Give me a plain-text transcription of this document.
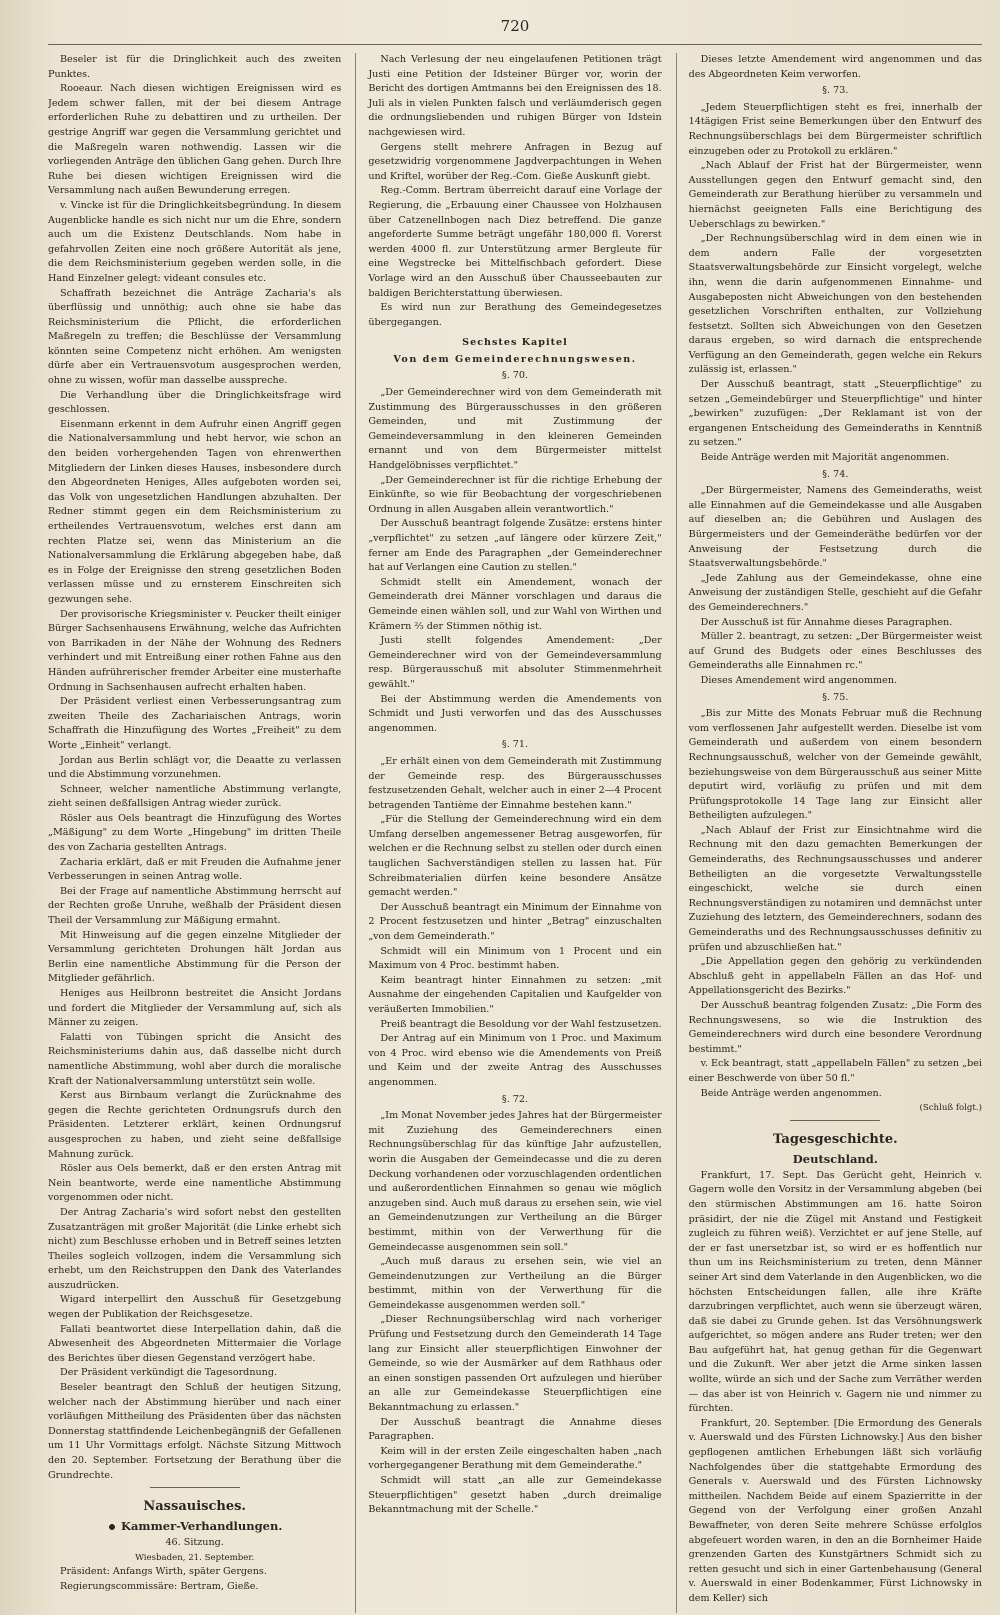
720

Beseler ist für die Dringlichkeit auch des zweiten Punktes.

Rooeaur. Nach diesen wichtigen Ereignissen wird es Jedem schwer fallen, mit der bei diesem Antrage erforderlichen Ruhe zu debattiren und zu urtheilen. Der gestrige Angriff war gegen die Versammlung gerichtet und die Maßregeln waren nothwendig. Lassen wir die vorliegenden Anträge den üblichen Gang gehen. Durch Ihre Ruhe bei diesen wichtigen Ereignissen wird die Versammlung nach außen Bewunderung erregen.

v. Vincke ist für die Dringlichkeitsbegründung. In diesem Augenblicke handle es sich nicht nur um die Ehre, sondern auch um die Existenz Deutschlands. Nom habe in gefahrvollen Zeiten eine noch größere Autorität als jene, die dem Reichsministerium gegeben werden solle, in die Hand Einzelner gelegt: videant consules etc.

Schaffrath bezeichnet die Anträge Zacharia's als überflüssig und unnöthig; auch ohne sie habe das Reichsministerium die Pflicht, die erforderlichen Maßregeln zu treffen; die Beschlüsse der Versammlung könnten seine Competenz nicht erhöhen. Am wenigsten dürfe aber ein Vertrauensvotum ausgesprochen werden, ohne zu wissen, wofür man dasselbe ausspreche.

Die Verhandlung über die Dringlichkeitsfrage wird geschlossen.

Eisenmann erkennt in dem Aufruhr einen Angriff gegen die Nationalversammlung und hebt hervor, wie schon an den beiden vorhergehenden Tagen von ehrenwerthen Mitgliedern der Linken dieses Hauses, insbesondere durch den Abgeordneten Heniges, Alles aufgeboten worden sei, das Volk von ungesetzlichen Handlungen abzuhalten. Der Redner stimmt gegen ein dem Reichsministerium zu ertheilendes Vertrauensvotum, welches erst dann am rechten Platze sei, wenn das Ministerium an die Nationalversammlung die Erklärung abgegeben habe, daß es in Folge der Ereignisse den streng gesetzlichen Boden verlassen müsse und zu ernsterem Einschreiten sich gezwungen sehe.

Der provisorische Kriegsminister v. Peucker theilt einiger Bürger Sachsenhausens Erwähnung, welche das Aufrichten von Barrikaden in der Nähe der Wohnung des Redners verhindert und mit Entreißung einer rothen Fahne aus den Händen aufrührerischer fremder Arbeiter eine musterhafte Ordnung in Sachsenhausen aufrecht erhalten haben.

Der Präsident verliest einen Verbesserungsantrag zum zweiten Theile des Zachariaischen Antrags, worin Schaffrath die Hinzufügung des Wortes „Freiheit" zu dem Worte „Einheit" verlangt.

Jordan aus Berlin schlägt vor, die Deaatte zu verlassen und die Abstimmung vorzunehmen.

Schneer, welcher namentliche Abstimmung verlangte, zieht seinen deßfallsigen Antrag wieder zurück.

Rösler aus Oels beantragt die Hinzufügung des Wortes „Mäßigung" zu dem Worte „Hingebung" im dritten Theile des von Zacharia gestellten Antrags.

Zacharia erklärt, daß er mit Freuden die Aufnahme jener Verbesserungen in seinen Antrag wolle.

Bei der Frage auf namentliche Abstimmung herrscht auf der Rechten große Unruhe, weßhalb der Präsident diesen Theil der Versammlung zur Mäßigung ermahnt.

Mit Hinweisung auf die gegen einzelne Mitglieder der Versammlung gerichteten Drohungen hält Jordan aus Berlin eine namentliche Abstimmung für die Person der Mitglieder gefährlich.

Heniges aus Heilbronn bestreitet die Ansicht Jordans und fordert die Mitglieder der Versammlung auf, sich als Männer zu zeigen.

Falatti von Tübingen spricht die Ansicht des Reichsministeriums dahin aus, daß dasselbe nicht durch namentliche Abstimmung, wohl aber durch die moralische Kraft der Nationalversammlung unterstützt sein wolle.

Kerst aus Birnbaum verlangt die Zurücknahme des gegen die Rechte gerichteten Ordnungsrufs durch den Präsidenten. Letzterer erklärt, keinen Ordnungsruf ausgesprochen zu haben, und zieht seine deßfallsige Mahnung zurück.

Rösler aus Oels bemerkt, daß er den ersten Antrag mit Nein beantworte, werde eine namentliche Abstimmung vorgenommen oder nicht.

Der Antrag Zacharia's wird sofort nebst den gestellten Zusatzanträgen mit großer Majorität (die Linke erhebt sich nicht) zum Beschlusse erhoben und in Betreff seines letzten Theiles sogleich vollzogen, indem die Versammlung sich erhebt, um den Reichstruppen den Dank des Vaterlandes auszudrücken.

Wigard interpellirt den Ausschuß für Gesetzgebung wegen der Publikation der Reichsgesetze.

Fallati beantwortet diese Interpellation dahin, daß die Abwesenheit des Abgeordneten Mittermaier die Vorlage des Berichtes über diesen Gegenstand verzögert habe.

Der Präsident verkündigt die Tagesordnung.

Beseler beantragt den Schluß der heutigen Sitzung, welcher nach der Abstimmung hierüber und nach einer vorläufigen Mittheilung des Präsidenten über das nächsten Donnerstag stattfindende Leichenbegängniß der Gefallenen um 11 Uhr Vormittags erfolgt. Nächste Sitzung Mittwoch den 20. September. Fortsetzung der Berathung über die Grundrechte.

Nassauisches.
Kammer-Verhandlungen.

46. Sitzung.

Wiesbaden, 21. September.

Präsident: Anfangs Wirth, später Gergens.

Regierungscommissäre: Bertram, Gieße.

Nach Verlesung der neu eingelaufenen Petitionen trägt Justi eine Petition der Idsteiner Bürger vor, worin der Bericht des dortigen Amtmanns bei den Ereignissen des 18. Juli als in vielen Punkten falsch und verläumderisch gegen die ordnungsliebenden und ruhigen Bürger von Idstein nachgewiesen wird.

Gergens stellt mehrere Anfragen in Bezug auf gesetzwidrig vorgenommene Jagdverpachtungen in Wehen und Kriftel, worüber der Reg.-Com. Gieße Auskunft giebt.

Reg.-Comm. Bertram überreicht darauf eine Vorlage der Regierung, die „Erbauung einer Chaussee von Holzhausen über Catzenellnbogen nach Diez betreffend. Die ganze angeforderte Summe beträgt ungefähr 180,000 fl. Vorerst werden 4000 fl. zur Unterstützung armer Bergleute für eine Wegstrecke bei Mittelfischbach gefordert. Diese Vorlage wird an den Ausschuß über Chausseebauten zur baldigen Berichterstattung überwiesen.

Es wird nun zur Berathung des Gemeindegesetzes übergegangen.

Sechstes Kapitel

Von dem Gemeinderechnungswesen.

§. 70.

„Der Gemeinderechner wird von dem Gemeinderath mit Zustimmung des Bürgerausschusses in den größeren Gemeinden, und mit Zustimmung der Gemeindeversammlung in den kleineren Gemeinden ernannt und von dem Bürgermeister mittelst Handgelöbnisses verpflichtet."

„Der Gemeinderechner ist für die richtige Erhebung der Einkünfte, so wie für Beobachtung der vorgeschriebenen Ordnung in allen Ausgaben allein verantwortlich."

Der Ausschuß beantragt folgende Zusätze: erstens hinter „verpflichtet" zu setzen „auf längere oder kürzere Zeit," ferner am Ende des Paragraphen „der Gemeinderechner hat auf Verlangen eine Caution zu stellen."

Schmidt stellt ein Amendement, wonach der Gemeinderath drei Männer vorschlagen und daraus die Gemeinde einen wählen soll, und zur Wahl von Wirthen und Krämern ⅔ der Stimmen nöthig ist.

Justi stellt folgendes Amendement: „Der Gemeinderechner wird von der Gemeindeversammlung resp. Bürgerausschuß mit absoluter Stimmenmehrheit gewählt."

Bei der Abstimmung werden die Amendements von Schmidt und Justi verworfen und das des Ausschusses angenommen.

§. 71.

„Er erhält einen von dem Gemeinderath mit Zustimmung der Gemeinde resp. des Bürgerausschusses festzusetzenden Gehalt, welcher auch in einer 2—4 Procent betragenden Tantième der Einnahme bestehen kann."

„Für die Stellung der Gemeinderechnung wird ein dem Umfang derselben angemessener Betrag ausgeworfen, für welchen er die Rechnung selbst zu stellen oder durch einen tauglichen Sachverständigen stellen zu lassen hat. Für Schreibmaterialien dürfen keine besondere Ansätze gemacht werden."

Der Ausschuß beantragt ein Minimum der Einnahme von 2 Procent festzusetzen und hinter „Betrag" einzuschalten „von dem Gemeinderath."

Schmidt will ein Minimum von 1 Procent und ein Maximum von 4 Proc. bestimmt haben.

Keim beantragt hinter Einnahmen zu setzen: „mit Ausnahme der eingehenden Capitalien und Kaufgelder von veräußerten Immobilien."

Preiß beantragt die Besoldung vor der Wahl festzusetzen.

Der Antrag auf ein Minimum von 1 Proc. und Maximum von 4 Proc. wird ebenso wie die Amendements von Preiß und Keim und der zweite Antrag des Ausschusses angenommen.

§. 72.

„Im Monat November jedes Jahres hat der Bürgermeister mit Zuziehung des Gemeinderechners einen Rechnungsüberschlag für das künftige Jahr aufzustellen, worin die Ausgaben der Gemeindecasse und die zu deren Deckung vorhandenen oder vorzuschlagenden ordentlichen und außerordentlichen Einnahmen so genau wie möglich anzugeben sind. Auch muß daraus zu ersehen sein, wie viel an Gemeindenutzungen zur Vertheilung an die Bürger bestimmt, mithin von der Verwerthung für die Gemeindecasse ausgenommen sein soll."

„Auch muß daraus zu ersehen sein, wie viel an Gemeindenutzungen zur Vertheilung an die Bürger bestimmt, mithin von der Verwerthung für die Gemeindekasse ausgenommen werden soll."

„Dieser Rechnungsüberschlag wird nach vorheriger Prüfung und Festsetzung durch den Gemeinderath 14 Tage lang zur Einsicht aller steuerpflichtigen Einwohner der Gemeinde, so wie der Ausmärker auf dem Rathhaus oder an einen sonstigen passenden Ort aufzulegen und hierüber an alle zur Gemeindekasse Steuerpflichtigen eine Bekanntmachung zu erlassen."

Der Ausschuß beantragt die Annahme dieses Paragraphen.

Keim will in der ersten Zeile eingeschalten haben „nach vorhergegangener Berathung mit dem Gemeinderathe."

Schmidt will statt „an alle zur Gemeindekasse Steuerpflichtigen" gesetzt haben „durch dreimalige Bekanntmachung mit der Schelle."

Dieses letzte Amendement wird angenommen und das des Abgeordneten Keim verworfen.

§. 73.

„Jedem Steuerpflichtigen steht es frei, innerhalb der 14tägigen Frist seine Bemerkungen über den Entwurf des Rechnungsüberschlags bei dem Bürgermeister schriftlich einzugeben oder zu Protokoll zu erklären."

„Nach Ablauf der Frist hat der Bürgermeister, wenn Ausstellungen gegen den Entwurf gemacht sind, den Gemeinderath zur Berathung hierüber zu versammeln und hiernächst geeigneten Falls eine Berichtigung des Ueberschlags zu bewirken."

„Der Rechnungsüberschlag wird in dem einen wie in dem andern Falle der vorgesetzten Staatsverwaltungsbehörde zur Einsicht vorgelegt, welche ihn, wenn die darin aufgenommenen Einnahme- und Ausgabeposten nicht Abweichungen von den bestehenden gesetzlichen Vorschriften enthalten, zur Vollziehung festsetzt. Sollten sich Abweichungen von den Gesetzen daraus ergeben, so wird darnach die entsprechende Verfügung an den Gemeinderath, gegen welche ein Rekurs zulässig ist, erlassen."

Der Ausschuß beantragt, statt „Steuerpflichtige" zu setzen „Gemeindebürger und Steuerpflichtige" und hinter „bewirken" zuzufügen: „Der Reklamant ist von der ergangenen Entscheidung des Gemeinderaths in Kenntniß zu setzen."

Beide Anträge werden mit Majorität angenommen.

§. 74.

„Der Bürgermeister, Namens des Gemeinderaths, weist alle Einnahmen auf die Gemeindekasse und alle Ausgaben auf dieselben an; die Gebühren und Auslagen des Bürgermeisters und der Gemeinderäthe bedürfen vor der Anweisung der Festsetzung durch die Staatsverwaltungsbehörde."

„Jede Zahlung aus der Gemeindekasse, ohne eine Anweisung der zuständigen Stelle, geschieht auf die Gefahr des Gemeinderechners."

Der Ausschuß ist für Annahme dieses Paragraphen.

Müller 2. beantragt, zu setzen: „Der Bürgermeister weist auf Grund des Budgets oder eines Beschlusses des Gemeinderaths alle Einnahmen rc."

Dieses Amendement wird angenommen.

§. 75.

„Bis zur Mitte des Monats Februar muß die Rechnung vom verflossenen Jahr aufgestellt werden. Dieselbe ist vom Gemeinderath und außerdem von einem besondern Rechnungsausschuß, welcher von der Gemeinde gewählt, beziehungsweise von dem Bürgerausschuß aus seiner Mitte deputirt wird, vorläufig zu prüfen und mit dem Prüfungsprotokolle 14 Tage lang zur Einsicht aller Betheiligten aufzulegen."

„Nach Ablauf der Frist zur Einsichtnahme wird die Rechnung mit den dazu gemachten Bemerkungen der Gemeinderaths, des Rechnungsausschusses und anderer Betheiligten an die vorgesetzte Verwaltungsstelle eingeschickt, welche sie durch einen Rechnungsverständigen zu notamiren und demnächst unter Zuziehung des letztern, des Gemeinderechners, sodann des Gemeinderaths und des Rechnungsausschusses definitiv zu prüfen und abzuschließen hat."

„Die Appellation gegen den gehörig zu verkündenden Abschluß geht in appellabeln Fällen an das Hof- und Appellationsgericht des Bezirks."

Der Ausschuß beantrag folgenden Zusatz: „Die Form des Rechnungswesens, so wie die Instruktion des Gemeinderechners wird durch eine besondere Verordnung bestimmt."

v. Eck beantragt, statt „appellabeln Fällen" zu setzen „bei einer Beschwerde von über 50 fl."

Beide Anträge werden angenommen.

(Schluß folgt.)
Tagesgeschichte.
Deutschland.

Frankfurt, 17. Sept. Das Gerücht geht, Heinrich v. Gagern wolle den Vorsitz in der Versammlung abgeben (bei den stürmischen Abstimmungen am 16. hatte Soiron präsidirt, der nie die Zügel mit Anstand und Festigkeit zugleich zu führen weiß). Verzichtet er auf jene Stelle, auf der er fast unersetzbar ist, so wird er es hoffentlich nur thun um ins Reichsministerium zu treten, denn Männer seiner Art sind dem Vaterlande in den Augenblicken, wo die höchsten Entscheidungen fallen, alle ihre Kräfte darzubringen verpflichtet, auch wenn sie überzeugt wären, daß sie dabei zu Grunde gehen. Ist das Versöhnungswerk aufgerichtet, so mögen andere ans Ruder treten; wer den Bau aufgeführt hat, hat genug gethan für die Gegenwart und die Zukunft. Wer aber jetzt die Arme sinken lassen wollte, würde an sich und der Sache zum Verräther werden — das aber ist von Heinrich v. Gagern nie und nimmer zu fürchten.

Frankfurt, 20. September. [Die Ermordung des Generals v. Auerswald und des Fürsten Lichnowsky.] Aus den bisher gepflogenen amtlichen Erhebungen läßt sich vorläufig Nachfolgendes über die stattgehabte Ermordung des Generals v. Auerswald und des Fürsten Lichnowsky mittheilen. Nachdem Beide auf einem Spazierritte in der Gegend von der Verfolgung einer großen Anzahl Bewaffneter, von deren Seite mehrere Schüsse erfolglos abgefeuert worden waren, in den an die Bornheimer Haide grenzenden Garten des Kunstgärtners Schmidt sich zu retten gesucht und sich in einer Gartenbehausung (General v. Auerswald in einer Bodenkammer, Fürst Lichnowsky in dem Keller) sich
